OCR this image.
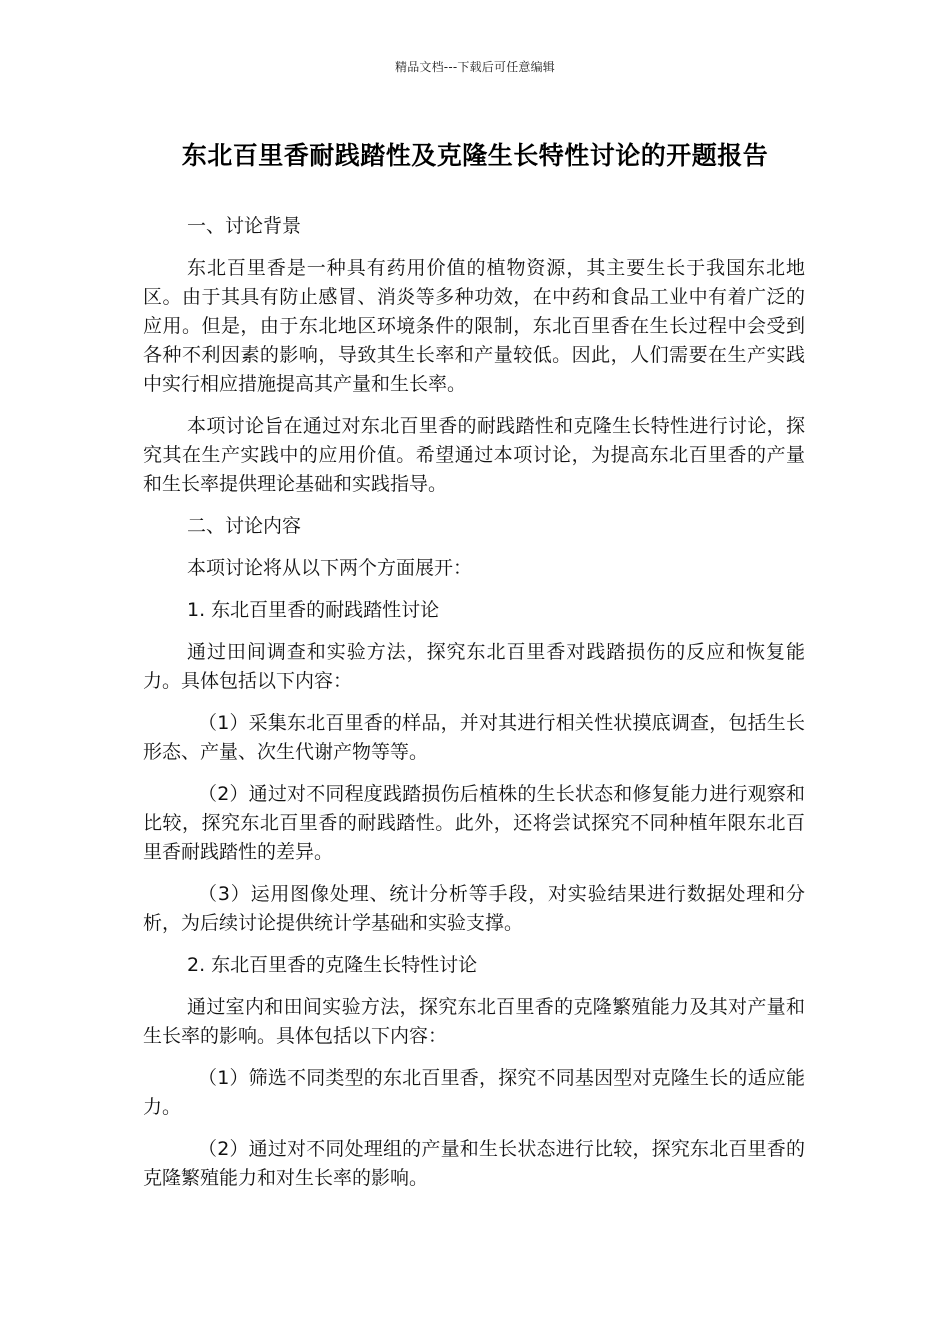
精品文档---下载后可任意编辑
东北百里香耐践踏性及克隆生长特性讨论的开题报告

一、讨论背景

东北百里香是一种具有药用价值的植物资源，其主要生长于我国东北地区。由于其具有防止感冒、消炎等多种功效，在中药和食品工业中有着广泛的应用。但是，由于东北地区环境条件的限制，东北百里香在生长过程中会受到各种不利因素的影响，导致其生长率和产量较低。因此，人们需要在生产实践中实行相应措施提高其产量和生长率。

本项讨论旨在通过对东北百里香的耐践踏性和克隆生长特性进行讨论，探究其在生产实践中的应用价值。希望通过本项讨论，为提高东北百里香的产量和生长率提供理论基础和实践指导。

二、讨论内容

本项讨论将从以下两个方面展开：

1. 东北百里香的耐践踏性讨论

通过田间调查和实验方法，探究东北百里香对践踏损伤的反应和恢复能力。具体包括以下内容：

（1）采集东北百里香的样品，并对其进行相关性状摸底调查，包括生长形态、产量、次生代谢产物等等。

（2）通过对不同程度践踏损伤后植株的生长状态和修复能力进行观察和比较，探究东北百里香的耐践踏性。此外，还将尝试探究不同种植年限东北百里香耐践踏性的差异。

（3）运用图像处理、统计分析等手段，对实验结果进行数据处理和分析，为后续讨论提供统计学基础和实验支撑。

2. 东北百里香的克隆生长特性讨论

通过室内和田间实验方法，探究东北百里香的克隆繁殖能力及其对产量和生长率的影响。具体包括以下内容：

（1）筛选不同类型的东北百里香，探究不同基因型对克隆生长的适应能力。

（2）通过对不同处理组的产量和生长状态进行比较，探究东北百里香的克隆繁殖能力和对生长率的影响。
